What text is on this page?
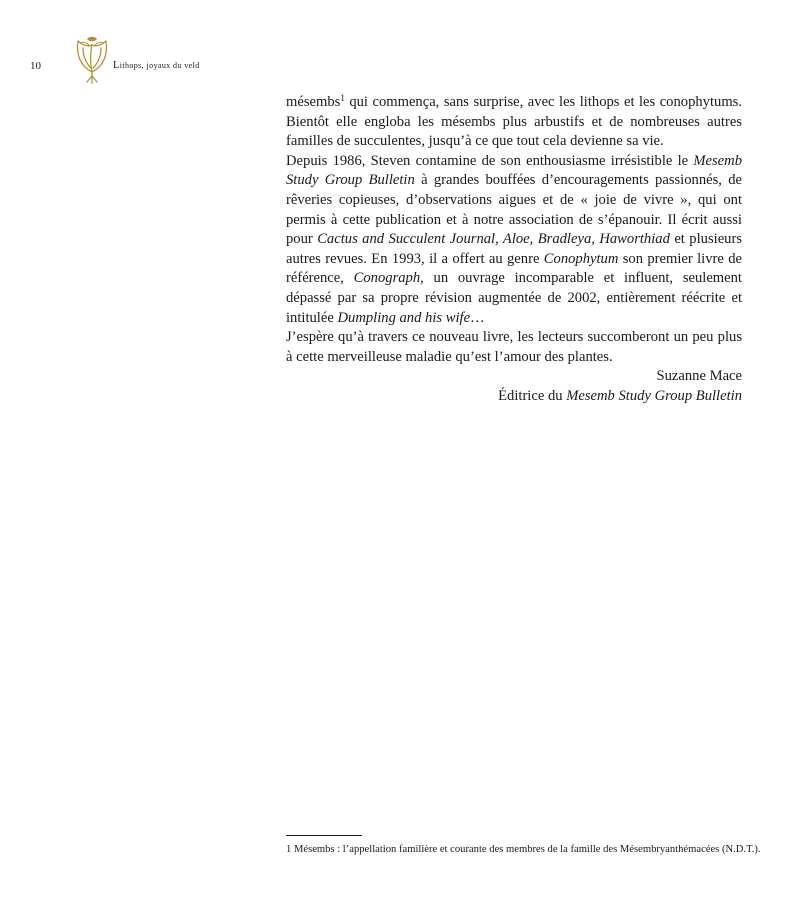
10	Lithops, joyaux du veld

mésembs$^1$ qui commença, sans surprise, avec les lithops et les conophytums. Bientôt elle engloba les mésembs plus arbustifs et de nombreuses autres familles de succulentes, jusqu’à ce que tout cela devienne sa vie.

Depuis 1986, Steven contamine de son enthousiasme irrésistible le Mesemb Study Group Bulletin à grandes bouffées d’encouragements passionnés, de rêveries copieuses, d’observations aigues et de « joie de vivre », qui ont permis à cette publication et à notre association de s’épanouir. Il écrit aussi pour Cactus and Succulent Journal, Aloe, Bradleya, Haworthiad et plusieurs autres revues. En 1993, il a offert au genre Conophytum son premier livre de référence, Conograph, un ouvrage incomparable et influent, seulement dépassé par sa propre révision augmentée de 2002, entièrement réécrite et intitulée Dumpling and his wife…

J’espère qu’à travers ce nouveau livre, les lecteurs succomberont un peu plus à cette merveilleuse maladie qu’est l’amour des plantes.

Suzanne Mace

Éditrice du Mesemb Study Group Bulletin

1 Mésembs : l’appellation familière et courante des membres de la famille des Mésembryanthémacées (N.D.T.).
